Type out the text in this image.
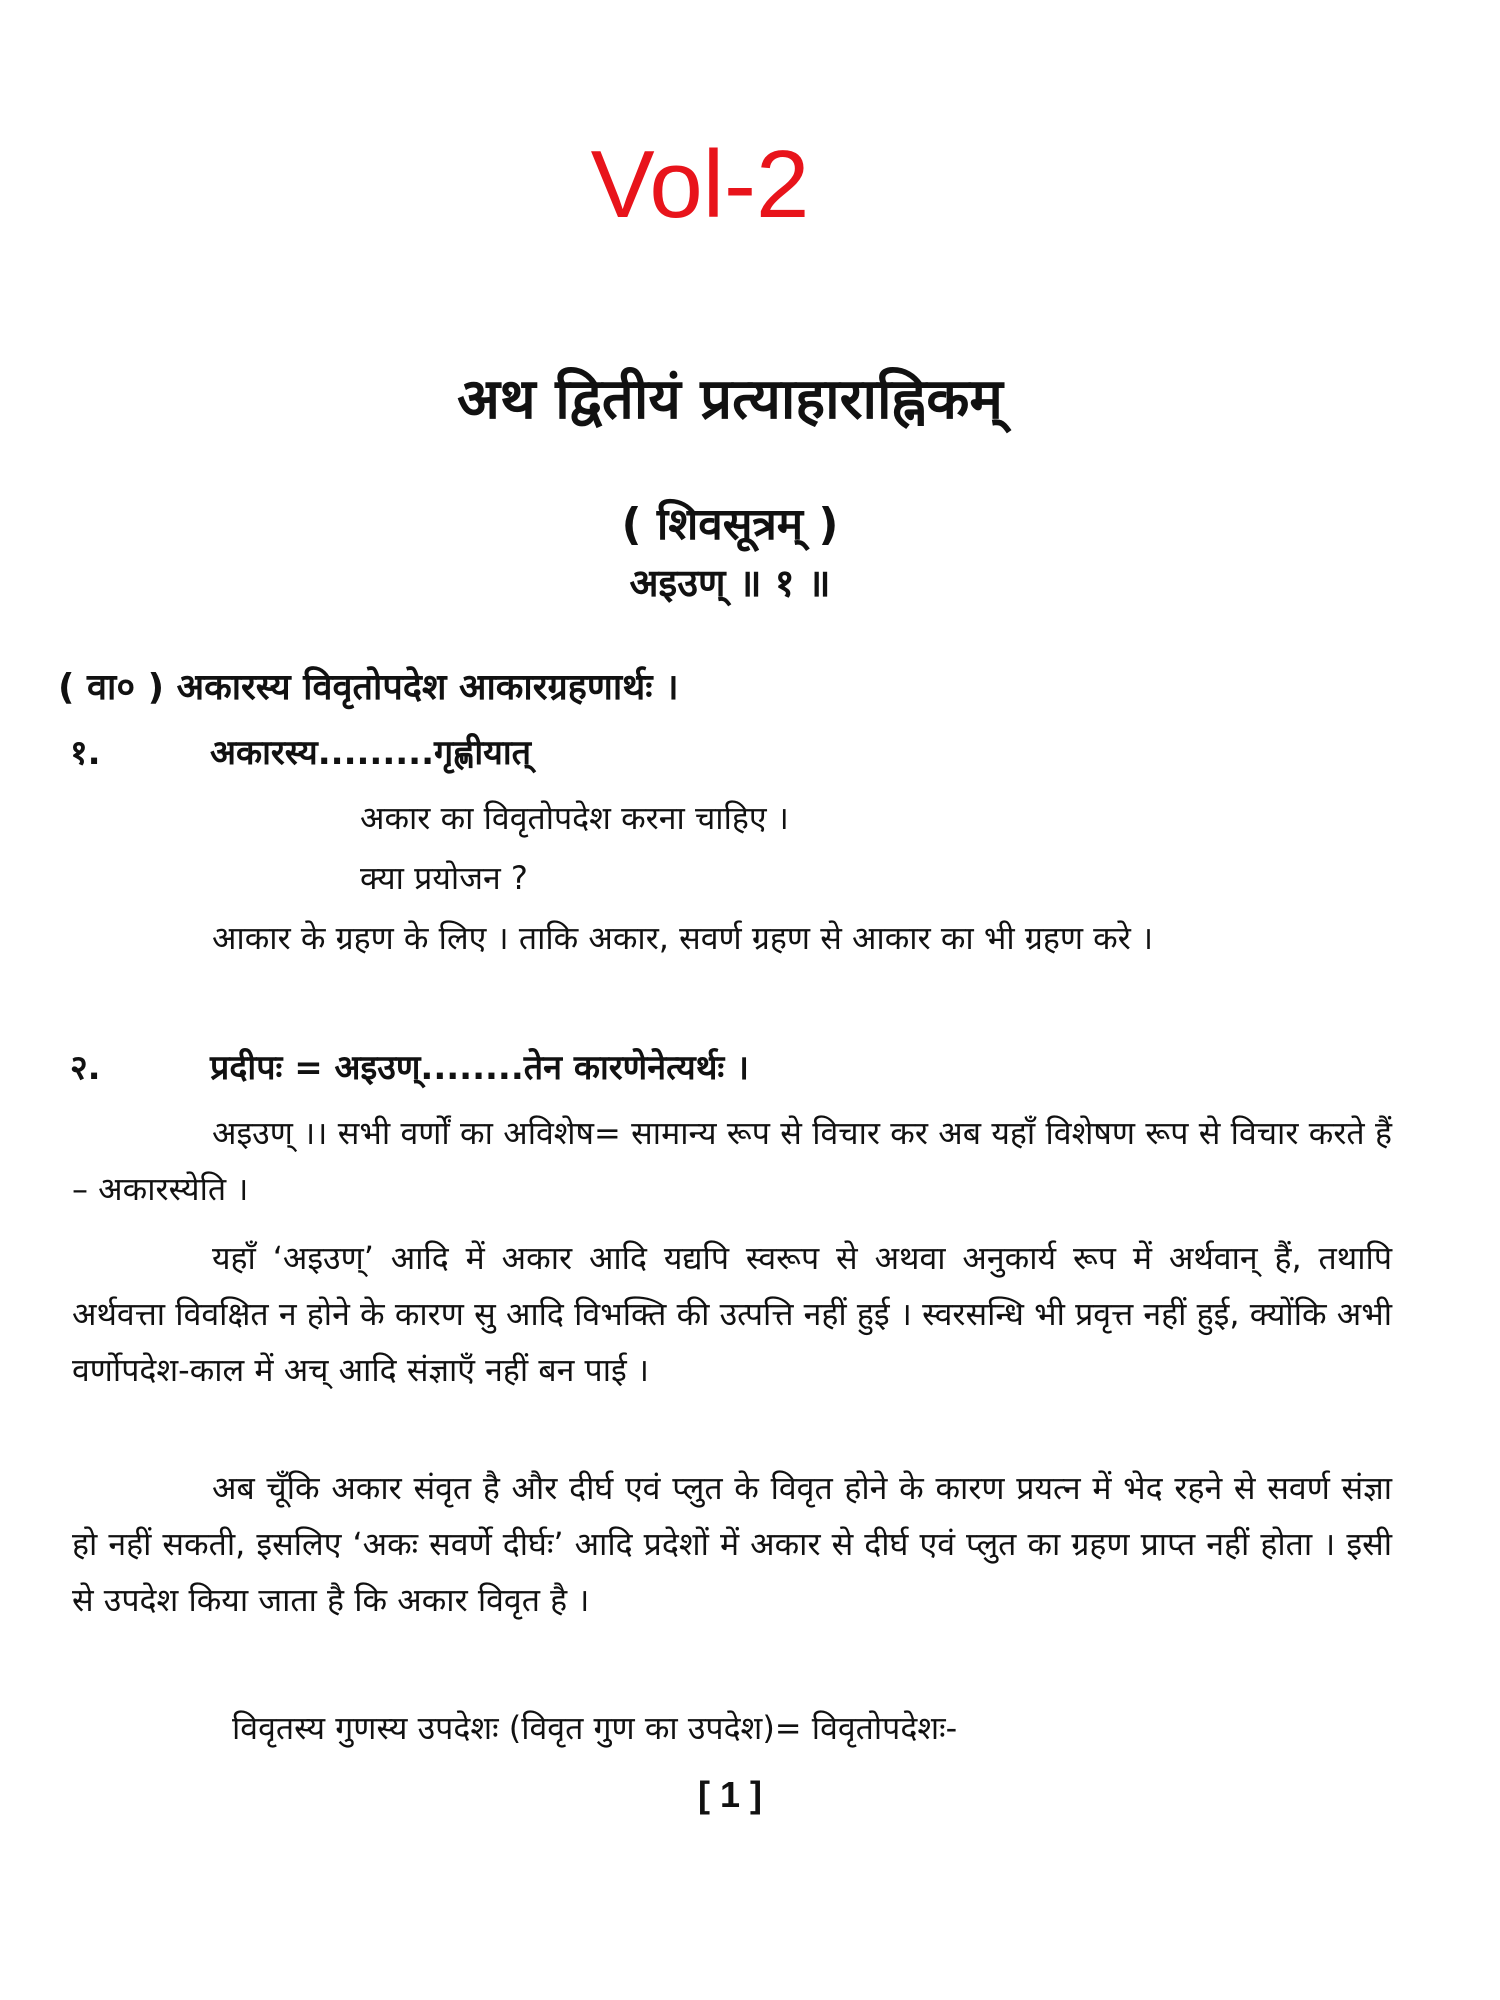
Vol-2
अथ द्वितीयं प्रत्याहाराह्निकम्
( शिवसूत्रम् )
अइउण् ॥ १ ॥
( वा० ) अकारस्य विवृतोपदेश आकारग्रहणार्थः ।
१.	अकारस्य.........गृह्णीयात्
अकार का विवृतोपदेश करना चाहिए ।
क्या प्रयोजन ?

आकार के ग्रहण के लिए । ताकि अकार, सवर्ण ग्रहण से आकार का भी ग्रहण करे ।

२.	प्रदीपः = अइउण्........तेन कारणेनेत्यर्थः ।

अइउण् ।। सभी वर्णों का अविशेष= सामान्य रूप से विचार कर अब यहाँ विशेषण रूप से विचार करते हैं – अकारस्येति ।

यहाँ ‘अइउण्’ आदि में अकार आदि यद्यपि स्वरूप से अथवा अनुकार्य रूप में अर्थवान् हैं, तथापि अर्थवत्ता विवक्षित न होने के कारण सु आदि विभक्ति की उत्पत्ति नहीं हुई । स्वरसन्धि भी प्रवृत्त नहीं हुई, क्योंकि अभी वर्णोपदेश-काल में अच् आदि संज्ञाएँ नहीं बन पाई ।

अब चूँकि अकार संवृत है और दीर्घ एवं प्लुत के विवृत होने के कारण प्रयत्न में भेद रहने से सवर्ण संज्ञा हो नहीं सकती, इसलिए ‘अकः सवर्णे दीर्घः’ आदि प्रदेशों में अकार से दीर्घ एवं प्लुत का ग्रहण प्राप्त नहीं होता । इसी से उपदेश किया जाता है कि अकार विवृत है ।

विवृतस्य गुणस्य उपदेशः (विवृत गुण का उपदेश)= विवृतोपदेशः-
[ 1 ]
